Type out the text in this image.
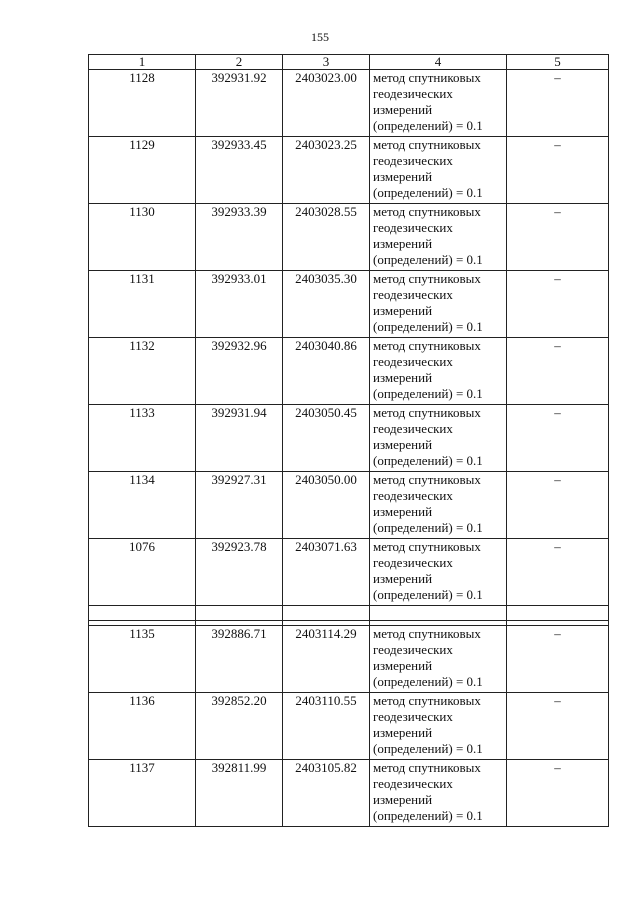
155
1	2	3	4	5
1128	392931.92	2403023.00	метод спутниковых геодезических измерений (определений) = 0.1	–
1129	392933.45	2403023.25	метод спутниковых геодезических измерений (определений) = 0.1	–
1130	392933.39	2403028.55	метод спутниковых геодезических измерений (определений) = 0.1	–
1131	392933.01	2403035.30	метод спутниковых геодезических измерений (определений) = 0.1	–
1132	392932.96	2403040.86	метод спутниковых геодезических измерений (определений) = 0.1	–
1133	392931.94	2403050.45	метод спутниковых геодезических измерений (определений) = 0.1	–
1134	392927.31	2403050.00	метод спутниковых геодезических измерений (определений) = 0.1	–
1076	392923.78	2403071.63	метод спутниковых геодезических измерений (определений) = 0.1	–

1135	392886.71	2403114.29	метод спутниковых геодезических измерений (определений) = 0.1	–
1136	392852.20	2403110.55	метод спутниковых геодезических измерений (определений) = 0.1	–
1137	392811.99	2403105.82	метод спутниковых геодезических измерений (определений) = 0.1	–
